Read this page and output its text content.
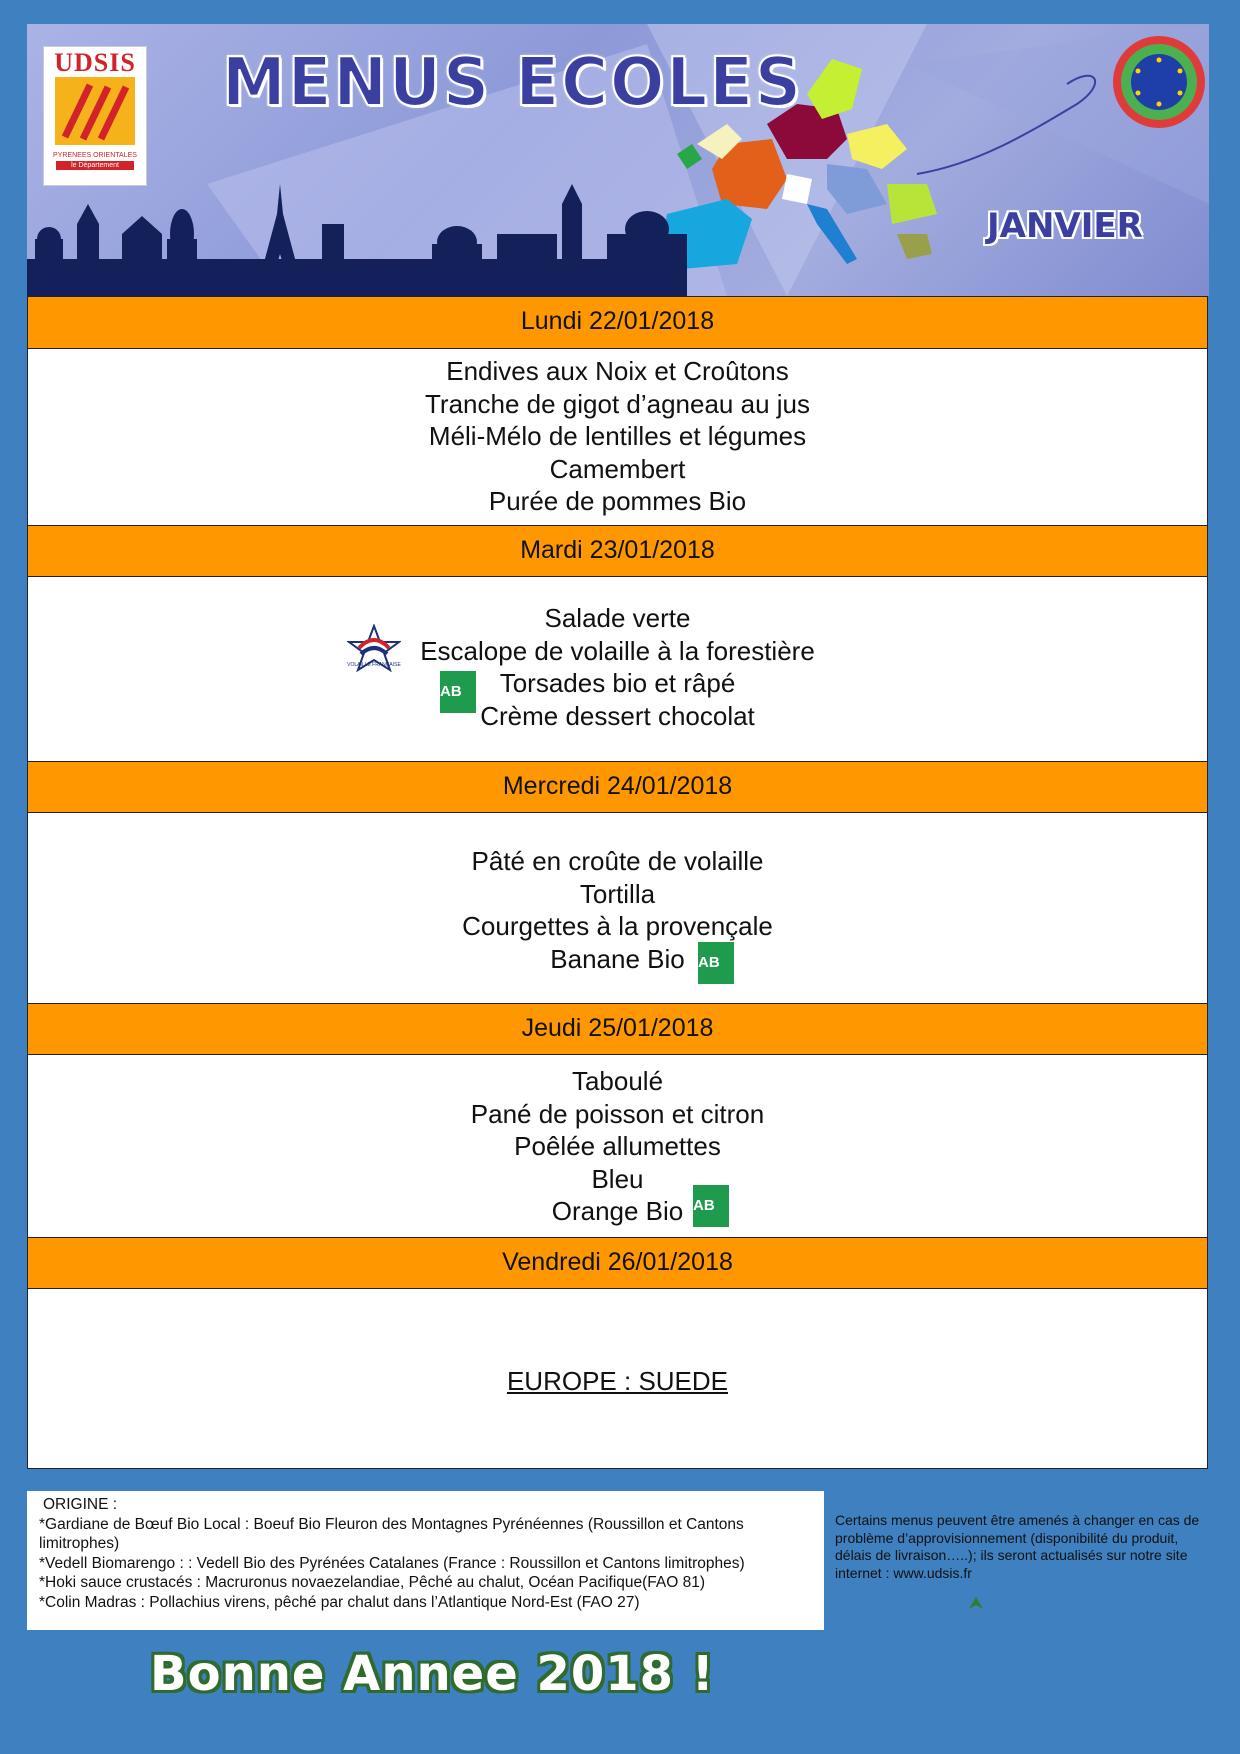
UDSIS
PYRENEES ORIENTALES
le Département
MENUS ECOLES
JANVIER
Lundi 22/01/2018
Endives aux Noix et Croûtons
Tranche de gigot d’agneau au jus
Méli-Mélo de lentilles et légumes
Camembert
Purée de pommes Bio
Mardi 23/01/2018
Salade verte
Escalope de volaille à la forestière
Torsades bio et râpé
Crème dessert chocolat
VOLAILLE FRANÇAISE
AB
Mercredi 24/01/2018
Pâté en croûte de volaille
Tortilla
Courgettes à la provençale
Banane Bio AB
Jeudi 25/01/2018
Taboulé
Pané de poisson et citron
Poêlée allumettes
Bleu
Orange Bio AB
Vendredi 26/01/2018
EUROPE : SUEDE
ORIGINE :
*Gardiane de Bœuf Bio Local : Boeuf Bio Fleuron des Montagnes Pyrénéennes (Roussillon et Cantons limitrophes)
*Vedell Biomarengo : : Vedell Bio des Pyrénées Catalanes (France : Roussillon et Cantons limitrophes)
*Hoki sauce crustacés : Macruronus novaezelandiae, Pêché au chalut, Océan Pacifique(FAO 81)
*Colin Madras : Pollachius virens, pêché par chalut dans l’Atlantique Nord-Est (FAO 27)
Certains menus peuvent être amenés à changer en cas de problème d’approvisionnement (disponibilité du produit, délais de livraison…..); ils seront actualisés sur notre site internet : www.udsis.fr
Bonne Annee 2018 !
